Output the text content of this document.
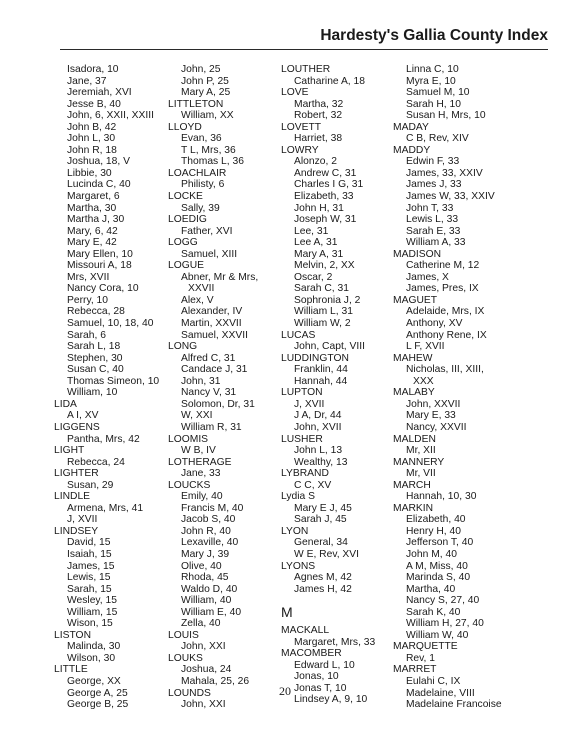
Hardesty's Gallia County Index
Isadora, 10
Jane, 37
Jeremiah, XVI
Jesse B, 40
John, 6, XXII, XXIII
John B, 42
John L, 30
John R, 18
Joshua, 18, V
Libbie, 30
Lucinda C, 40
Margaret, 6
Martha, 30
Martha J, 30
Mary, 6, 42
Mary E, 42
Mary Ellen, 10
Missouri A, 18
Mrs, XVII
Nancy Cora, 10
Perry, 10
Rebecca, 28
Samuel, 10, 18, 40
Sarah, 6
Sarah L, 18
Stephen, 30
Susan C, 40
Thomas Simeon, 10
William, 10
LIDA
A I, XV
LIGGENS
Pantha, Mrs, 42
LIGHT
Rebecca, 24
LIGHTER
Susan, 29
LINDLE
Armena, Mrs, 41
J, XVII
LINDSEY
David, 15
Isaiah, 15
James, 15
Lewis, 15
Sarah, 15
Wesley, 15
William, 15
Wison, 15
LISTON
Malinda, 30
Wilson, 30
LITTLE
George, XX
George A, 25
George B, 25
John, 25
John P, 25
Mary A, 25
LITTLETON
William, XX
LLOYD
Evan, 36
T L, Mrs, 36
Thomas L, 36
LOACHLAIR
Philisty, 6
LOCKE
Sally, 39
LOEDIG
Father, XVI
LOGG
Samuel, XIII
LOGUE
Abner, Mr & Mrs,
XXVII
Alex, V
Alexander, IV
Martin, XXVII
Samuel, XXVII
LONG
Alfred C, 31
Candace J, 31
John, 31
Nancy V, 31
Solomon, Dr, 31
W, XXI
William R, 31
LOOMIS
W B, IV
LOTHERAGE
Jane, 33
LOUCKS
Emily, 40
Francis M, 40
Jacob S, 40
John R, 40
Lexaville, 40
Mary J, 39
Olive, 40
Rhoda, 45
Waldo D, 40
William, 40
William E, 40
Zella, 40
LOUIS
John, XXI
LOUKS
Joshua, 24
Mahala, 25, 26
LOUNDS
John, XXI
LOUTHER
Catharine A, 18
LOVE
Martha, 32
Robert, 32
LOVETT
Harriet, 38
LOWRY
Alonzo, 2
Andrew C, 31
Charles I G, 31
Elizabeth, 33
John H, 31
Joseph W, 31
Lee, 31
Lee A, 31
Mary A, 31
Melvin, 2, XX
Oscar, 2
Sarah C, 31
Sophronia J, 2
William L, 31
William W, 2
LUCAS
John, Capt, VIII
LUDDINGTON
Franklin, 44
Hannah, 44
LUPTON
J, XVII
J A, Dr, 44
John, XVII
LUSHER
John L, 13
Wealthy, 13
LYBRAND
C C, XV
Lydia S
Mary E J, 45
Sarah J, 45
LYON
General, 34
W E, Rev, XVI
LYONS
Agnes M, 42
James H, 42
M
MACKALL
Margaret, Mrs, 33
MACOMBER
Edward L, 10
Jonas, 10
Jonas T, 10
Lindsey A, 9, 10
Linna C, 10
Myra E, 10
Samuel M, 10
Sarah H, 10
Susan H, Mrs, 10
MADAY
C B, Rev, XIV
MADDY
Edwin F, 33
James, 33, XXIV
James J, 33
James W, 33, XXIV
John T, 33
Lewis L, 33
Sarah E, 33
William A, 33
MADISON
Catherine M, 12
James, X
James, Pres, IX
MAGUET
Adelaide, Mrs, IX
Anthony, XV
Anthony Rene, IX
L F, XVII
MAHEW
Nicholas, III, XIII,
XXX
MALABY
John, XXVII
Mary E, 33
Nancy, XXVII
MALDEN
Mr, XII
MANNERY
Mr, VII
MARCH
Hannah, 10, 30
MARKIN
Elizabeth, 40
Henry H, 40
Jefferson T, 40
John M, 40
A M, Miss, 40
Marinda S, 40
Martha, 40
Nancy S, 27, 40
Sarah K, 40
William H, 27, 40
William W, 40
MARQUETTE
Rev, 1
MARRET
Eulahi C, IX
Madelaine, VIII
Madelaine Francoise
20
